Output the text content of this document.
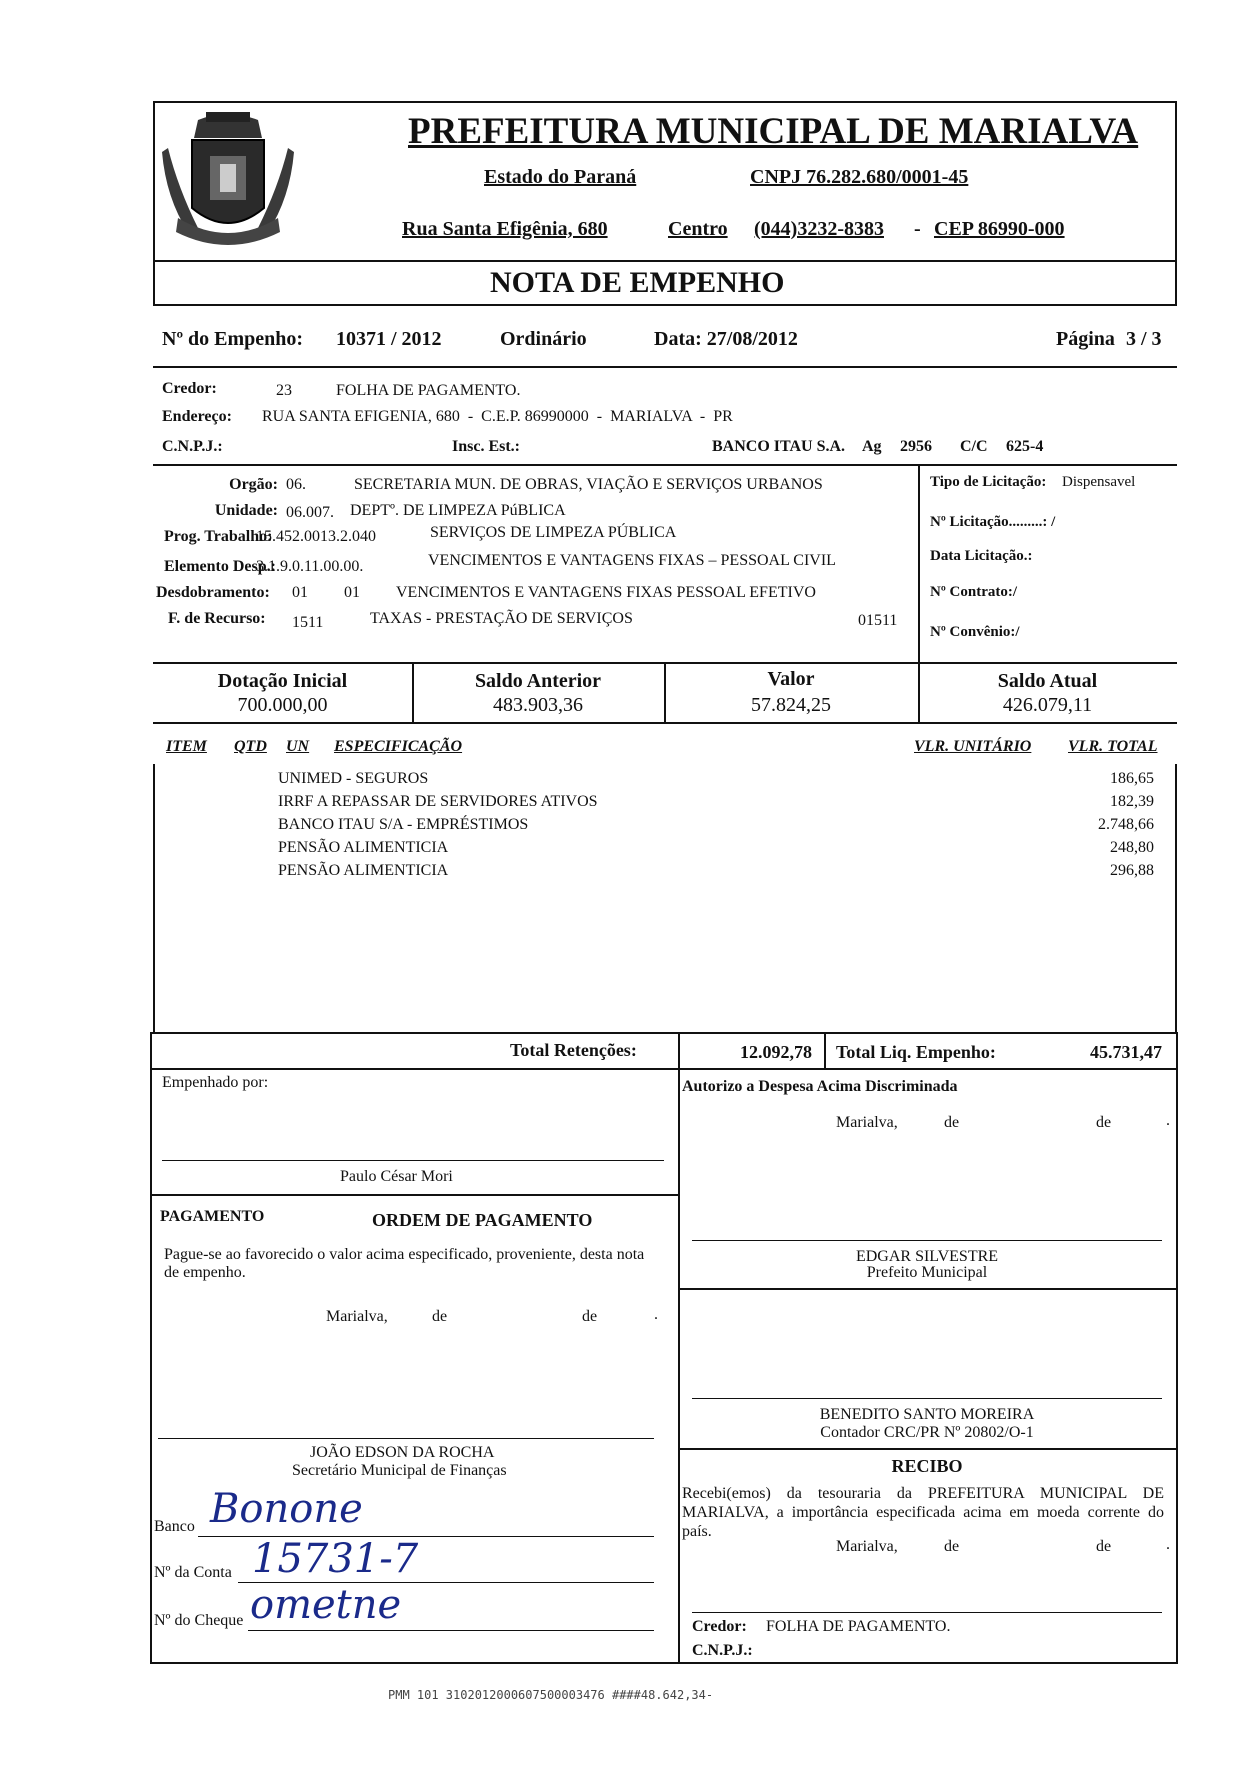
PREFEITURA MUNICIPAL DE MARIALVA
Estado do Paraná	CNPJ 76.282.680/0001-45
Rua Santa Efigênia, 680	Centro (044)3232-8383 - CEP 86990-000
NOTA DE EMPENHO
Nº do Empenho: 10371 / 2012	Ordinário	Data: 27/08/2012	Página 3 / 3
Credor:	23	FOLHA DE PAGAMENTO.
Endereço: RUA SANTA EFIGENIA, 680  -  C.E.P. 86990000  -  MARIALVA  -  PR
C.N.P.J.:	Insc. Est.:	BANCO ITAU S.A. Ag 2956 C/C 625-4
Orgão: 06.	SECRETARIA MUN. DE OBRAS, VIAÇÃO E SERVIÇOS URBANOS
Unidade: 06.007. DEPTº. DE LIMPEZA PúBLICA
Prog. Trabalho:
15.452.0013.2.040	SERVIÇOS DE LIMPEZA PÚBLICA
Elemento Desp.:
3.1.9.0.11.00.00.	VENCIMENTOS E VANTAGENS FIXAS – PESSOAL CIVIL
Desdobramento: 01 01 VENCIMENTOS E VANTAGENS FIXAS PESSOAL EFETIVO
F. de Recurso: 1511	TAXAS - PRESTAÇÃO DE SERVIÇOS	01511
Tipo de Licitação: Dispensavel
Nº Licitação.........: /
Data Licitação.:
Nº Contrato:/
Nº Convênio:/
Dotação Inicial
700.000,00
Saldo Anterior
483.903,36
Valor
57.824,25
Saldo Atual
426.079,11
ITEM QTD UN ESPECIFICAÇÃO	VLR. UNITÁRIO VLR. TOTAL
UNIMED - SEGUROS	186,65
IRRF A REPASSAR DE SERVIDORES ATIVOS	182,39
BANCO ITAU S/A - EMPRÉSTIMOS	2.748,66
PENSÃO ALIMENTICIA	248,80
PENSÃO ALIMENTICIA	296,88
Total Retenções:	12.092,78 Total Liq. Empenho:	45.731,47
Empenhado por:
Paulo César Mori
PAGAMENTO	ORDEM DE PAGAMENTO
Pague-se ao favorecido o valor acima especificado, proveniente, desta nota de empenho.
Marialva,	de	de	.
JOÃO EDSON DA ROCHA
Secretário Municipal de Finanças
Banco Bonone
Nº da Conta 15731-7
Nº do Cheque ometne
Autorizo a Despesa Acima Discriminada
Marialva,	de	de	.
EDGAR SILVESTRE
Prefeito Municipal
BENEDITO SANTO MOREIRA
Contador CRC/PR Nº 20802/O-1
RECIBO
Recebi(emos) da tesouraria da PREFEITURA MUNICIPAL DE MARIALVA, a importância especificada acima em moeda corrente do país.
Marialva,	de	de	.
Credor: FOLHA DE PAGAMENTO.
C.N.P.J.:
PMM 101 3102012000607500003476 ####48.642,34-
